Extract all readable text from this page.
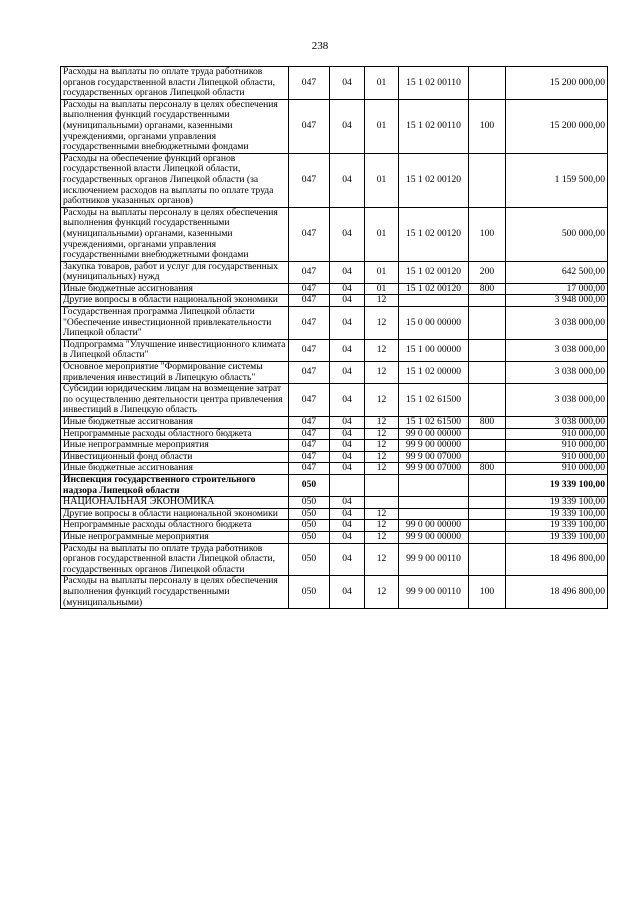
238
Расходы на выплаты по оплате труда работников органов государственной власти Липецкой области, государственных органов Липецкой области	047	04	01	15 1 02 00110		15 200 000,00
Расходы на выплаты персоналу в целях обеспечения выполнения функций государственными (муниципальными) органами, казенными учреждениями, органами управления государственными внебюджетными фондами	047	04	01	15 1 02 00110	100	15 200 000,00
Расходы на обеспечение функций органов государственной власти Липецкой области, государственных органов Липецкой области (за исключением расходов на выплаты по оплате труда работников указанных органов)	047	04	01	15 1 02 00120		1 159 500,00
Расходы на выплаты персоналу в целях обеспечения выполнения функций государственными (муниципальными) органами, казенными учреждениями, органами управления государственными внебюджетными фондами	047	04	01	15 1 02 00120	100	500 000,00
Закупка товаров, работ и услуг для государственных (муниципальных) нужд	047	04	01	15 1 02 00120	200	642 500,00
Иные бюджетные ассигнования	047	04	01	15 1 02 00120	800	17 000,00
Другие вопросы в области национальной экономики	047	04	12			3 948 000,00
Государственная программа Липецкой области "Обеспечение инвестиционной привлекательности Липецкой области"	047	04	12	15 0 00 00000		3 038 000,00
Подпрограмма "Улучшение инвестиционного климата в Липецкой области"	047	04	12	15 1 00 00000		3 038 000,00
Основное мероприятие "Формирование системы привлечения инвестиций в Липецкую область"	047	04	12	15 1 02 00000		3 038 000,00
Субсидии юридическим лицам на возмещение затрат по осуществлению деятельности центра привлечения инвестиций в Липецкую область	047	04	12	15 1 02 61500		3 038 000,00
Иные бюджетные ассигнования	047	04	12	15 1 02 61500	800	3 038 000,00
Непрограммные расходы областного бюджета	047	04	12	99 0 00 00000		910 000,00
Иные непрограммные мероприятия	047	04	12	99 9 00 00000		910 000,00
Инвестиционный фонд области	047	04	12	99 9 00 07000		910 000,00
Иные бюджетные ассигнования	047	04	12	99 9 00 07000	800	910 000,00
Инспекция государственного строительного надзора Липецкой области	050					19 339 100,00
НАЦИОНАЛЬНАЯ ЭКОНОМИКА	050	04				19 339 100,00
Другие вопросы в области национальной экономики	050	04	12			19 339 100,00
Непрограммные расходы областного бюджета	050	04	12	99 0 00 00000		19 339 100,00
Иные непрограммные мероприятия	050	04	12	99 9 00 00000		19 339 100,00
Расходы на выплаты по оплате труда работников органов государственной власти Липецкой области, государственных органов Липецкой области	050	04	12	99 9 00 00110		18 496 800,00
Расходы на выплаты персоналу в целях обеспечения выполнения функций государственными (муниципальными)	050	04	12	99 9 00 00110	100	18 496 800,00
